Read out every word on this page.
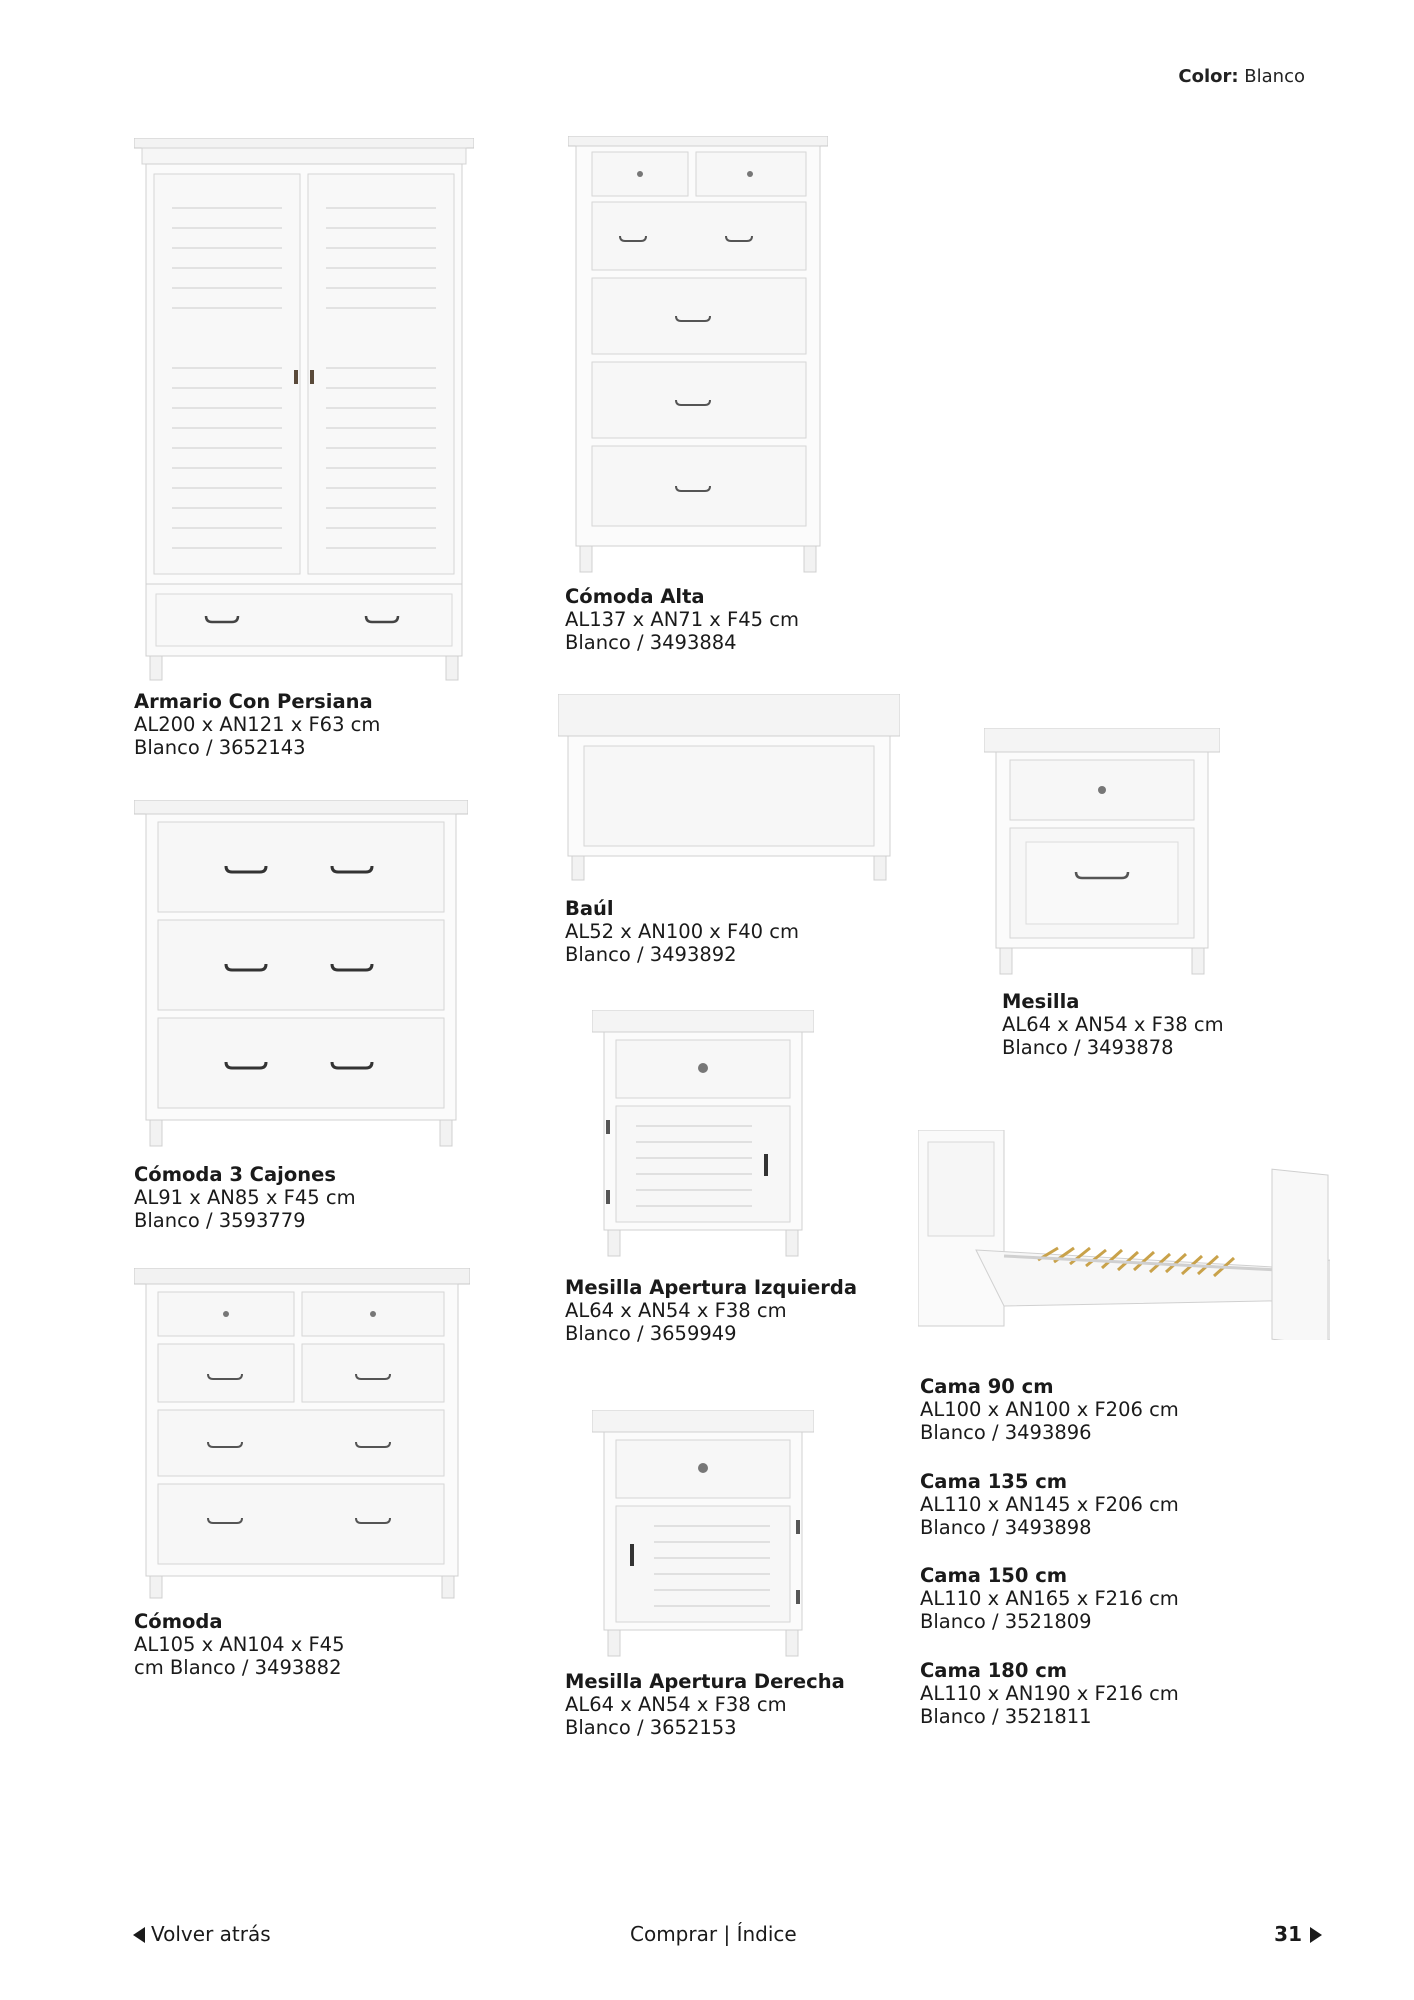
Color: Blanco
Armario Con Persiana
AL200 x AN121 x F63 cm
Blanco / 3652143
Cómoda Alta
AL137 x AN71 x F45 cm
Blanco / 3493884
Baúl
AL52 x AN100 x F40 cm
Blanco / 3493892
Mesilla
AL64 x AN54 x F38 cm
Blanco / 3493878
Cómoda 3 Cajones
AL91 x AN85 x F45 cm
Blanco / 3593779
Mesilla Apertura Izquierda
AL64 x AN54 x F38 cm
Blanco / 3659949
Cómoda
AL105 x AN104 x F45
cm Blanco / 3493882
Mesilla Apertura Derecha
AL64 x AN54 x F38 cm
Blanco / 3652153
Cama 90 cm
AL100 x AN100 x F206 cm
Blanco / 3493896
Cama 135 cm
AL110 x AN145 x F206 cm
Blanco / 3493898
Cama 150 cm
AL110 x AN165 x F216 cm
Blanco / 3521809
Cama 180 cm
AL110 x AN190 x F216 cm
Blanco / 3521811
Volver atrás	Comprar | Índice	31
